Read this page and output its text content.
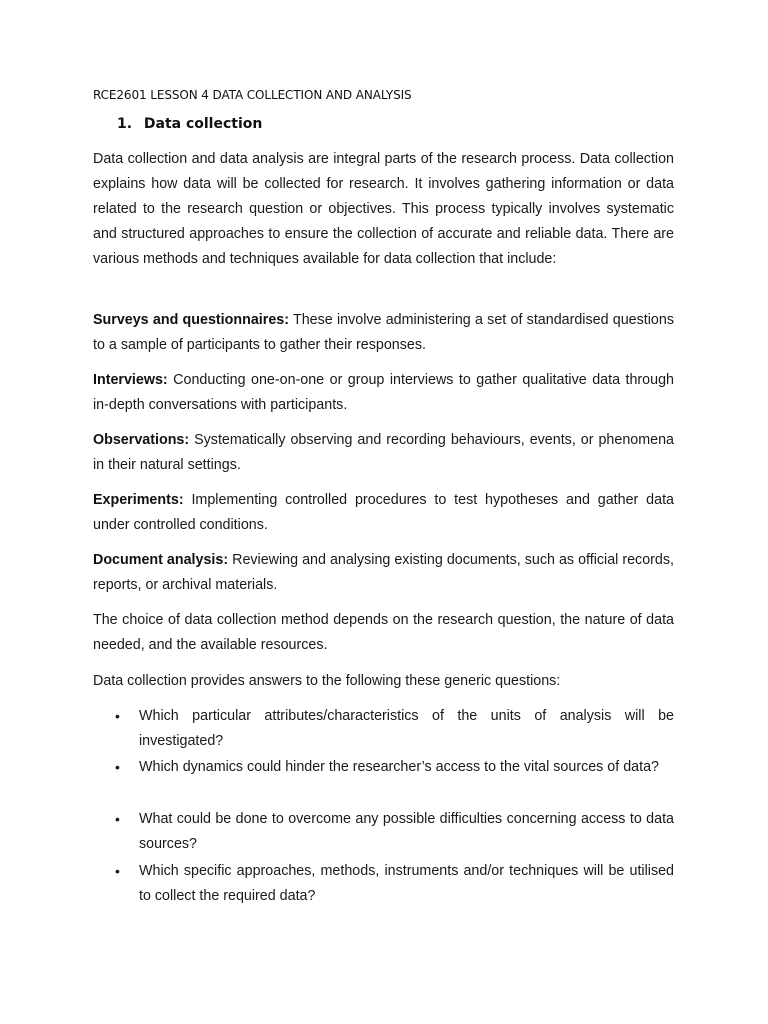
RCE2601 LESSON 4 DATA COLLECTION AND ANALYSIS
1. Data collection

Data collection and data analysis are integral parts of the research process. Data collection explains how data will be collected for research. It involves gathering information or data related to the research question or objectives. This process typically involves systematic and structured approaches to ensure the collection of accurate and reliable data. There are various methods and techniques available for data collection that include:

Surveys and questionnaires: These involve administering a set of standardised questions to a sample of participants to gather their responses.

Interviews: Conducting one-on-one or group interviews to gather qualitative data through in-depth conversations with participants.

Observations: Systematically observing and recording behaviours, events, or phenomena in their natural settings.

Experiments: Implementing controlled procedures to test hypotheses and gather data under controlled conditions.

Document analysis: Reviewing and analysing existing documents, such as official records, reports, or archival materials.

The choice of data collection method depends on the research question, the nature of data needed, and the available resources.

Data collection provides answers to the following these generic questions:

• Which particular attributes/characteristics of the units of analysis will be investigated?

• Which dynamics could hinder the researcher’s access to the vital sources of data?

• What could be done to overcome any possible difficulties concerning access to data sources?

• Which specific approaches, methods, instruments and/or techniques will be utilised to collect the required data?
